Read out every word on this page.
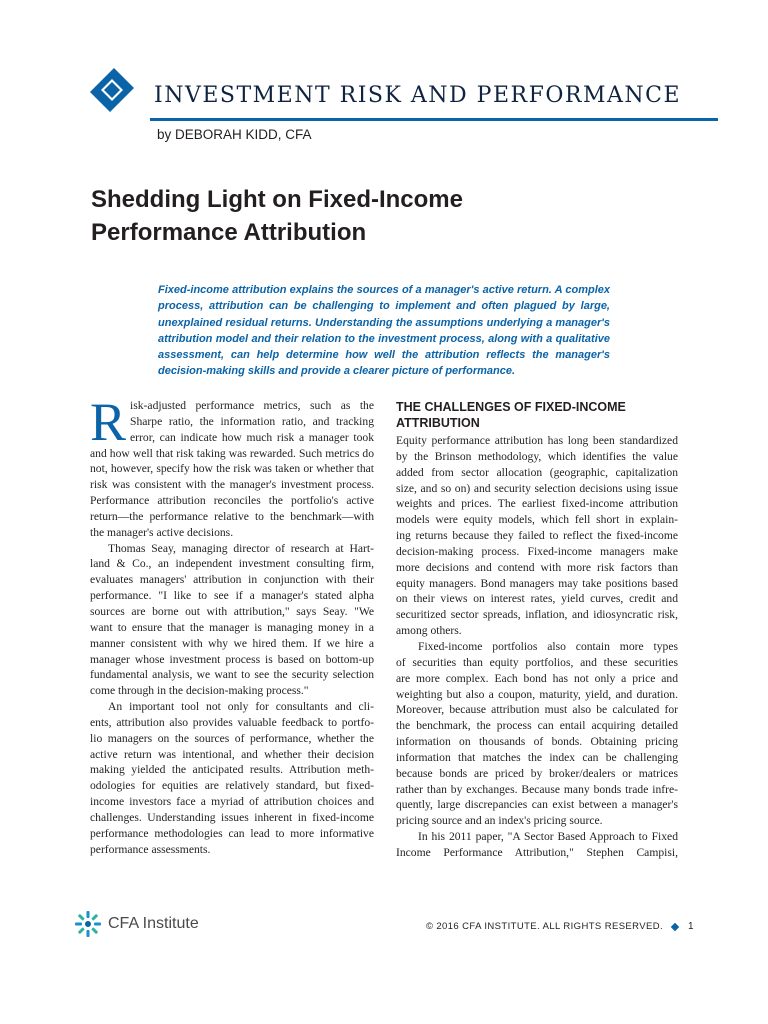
INVESTMENT RISK AND PERFORMANCE
by DEBORAH KIDD, CFA
Shedding Light on Fixed-Income
Performance Attribution
Fixed-income attribution explains the sources of a manager's active return. A complex process, attribution can be challenging to implement and often plagued by large, unexplained residual returns. Understanding the assumptions underlying a manager's attribution model and their relation to the investment process, along with a qualitative assessment, can help determine how well the attribution reflects the manager's decision-making skills and provide a clearer picture of performance.

R isk-adjusted performance metrics, such as the
Sharpe ratio, the information ratio, and tracking
error, can indicate how much risk a manager took
and how well that risk taking was rewarded. Such metrics do
not, however, specify how the risk was taken or whether that
risk was consistent with the manager's investment process.
Performance attribution reconciles the portfolio's active
return—the performance relative to the benchmark—with
the manager's active decisions.

Thomas Seay, managing director of research at Hart-
land & Co., an independent investment consulting firm,
evaluates managers' attribution in conjunction with their
performance. "I like to see if a manager's stated alpha
sources are borne out with attribution," says Seay. "We
want to ensure that the manager is managing money in a
manner consistent with why we hired them. If we hire a
manager whose investment process is based on bottom-up
fundamental analysis, we want to see the security selection
come through in the decision-making process."

An important tool not only for consultants and cli-
ents, attribution also provides valuable feedback to portfo-
lio managers on the sources of performance, whether the
active return was intentional, and whether their decision
making yielded the anticipated results. Attribution meth-
odologies for equities are relatively standard, but fixed-
income investors face a myriad of attribution choices and
challenges. Understanding issues inherent in fixed-income
performance methodologies can lead to more informative
performance assessments.

THE CHALLENGES OF FIXED-INCOME
ATTRIBUTION

Equity performance attribution has long been standardized
by the Brinson methodology, which identifies the value
added from sector allocation (geographic, capitalization
size, and so on) and security selection decisions using issue
weights and prices. The earliest fixed-income attribution
models were equity models, which fell short in explain-
ing returns because they failed to reflect the fixed-income
decision-making process. Fixed-income managers make
more decisions and contend with more risk factors than
equity managers. Bond managers may take positions based
on their views on interest rates, yield curves, credit and
securitized sector spreads, inflation, and idiosyncratic risk,
among others.

Fixed-income portfolios also contain more types
of securities than equity portfolios, and these securities
are more complex. Each bond has not only a price and
weighting but also a coupon, maturity, yield, and duration.
Moreover, because attribution must also be calculated for
the benchmark, the process can entail acquiring detailed
information on thousands of bonds. Obtaining pricing
information that matches the index can be challenging
because bonds are priced by broker/dealers or matrices
rather than by exchanges. Because many bonds trade infre-
quently, large discrepancies can exist between a manager's
pricing source and an index's pricing source.

In his 2011 paper, "A Sector Based Approach to Fixed
Income Performance Attribution," Stephen Campisi,

CFA Institute	© 2016 CFA INSTITUTE. ALL RIGHTS RESERVED.	1
